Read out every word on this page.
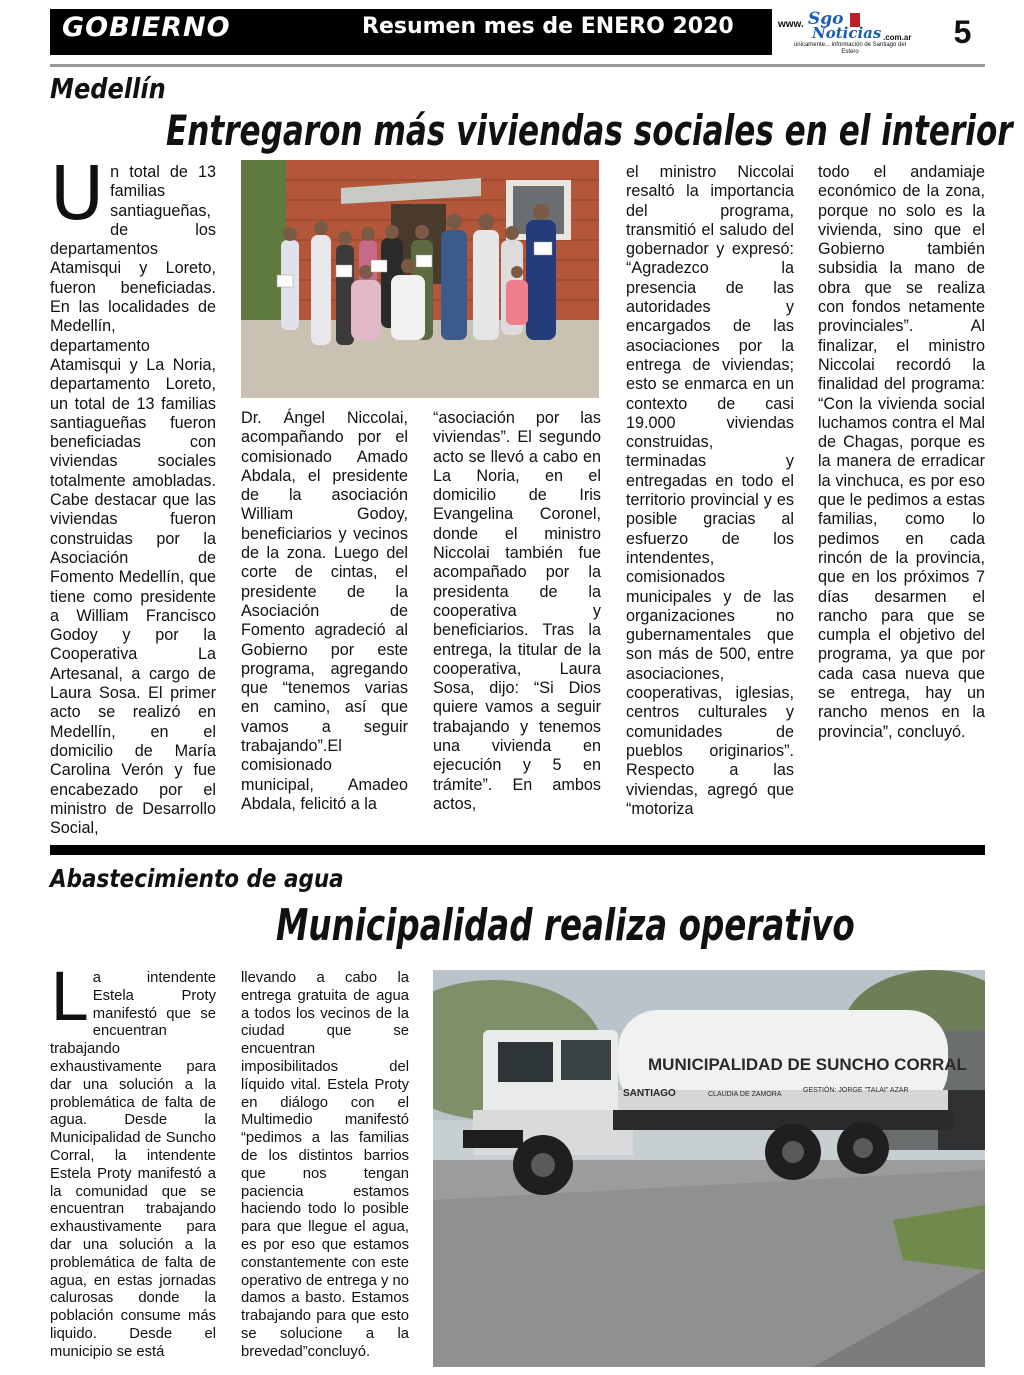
GOBIERNO	Resumen mes de ENERO 2020	www. Sgo
Noticias .com.ar
únicamente... información de Santiago del Estero
5
Medellín
Entregaron más viviendas sociales en el interior
Un total de 13 familias santiagueñas, de los departamentos Atamisqui y Loreto, fueron beneficiadas. En las localidades de Medellín, departamento Atamisqui y La Noria, departamento Loreto, un total de 13 familias santiagueñas fueron beneficiadas con viviendas sociales totalmente amobladas. Cabe destacar que las viviendas fueron construidas por la Asociación de Fomento Medellín, que tiene como presidente a William Francisco Godoy y por la Cooperativa La Artesanal, a cargo de Laura Sosa. El primer acto se realizó en Medellín, en el domicilio de María Carolina Verón y fue encabezado por el ministro de Desarrollo Social,
Dr. Ángel Niccolai, acompañando por el comisionado Amado Abdala, el presidente de la asociación William Godoy, beneficiarios y vecinos de la zona. Luego del corte de cintas, el presidente de la Asociación de Fomento agradeció al Gobierno por este programa, agregando que “tenemos varias en camino, así que vamos a seguir trabajando”.El comisionado municipal, Amadeo Abdala, felicitó a la
“asociación por las viviendas”. El segundo acto se llevó a cabo en La Noria, en el domicilio de Iris Evangelina Coronel, donde el ministro Niccolai también fue acompañado por la presidenta de la cooperativa y beneficiarios. Tras la entrega, la titular de la cooperativa, Laura Sosa, dijo: “Si Dios quiere vamos a seguir trabajando y tenemos una vivienda en ejecución y 5 en trámite”. En ambos actos,
el ministro Niccolai resaltó la importancia del programa, transmitió el saludo del gobernador y expresó: “Agradezco la presencia de las autoridades y encargados de las asociaciones por la entrega de viviendas; esto se enmarca en un contexto de casi 19.000 viviendas construidas, terminadas y entregadas en todo el territorio provincial y es posible gracias al esfuerzo de los intendentes, comisionados municipales y de las organizaciones no gubernamentales que son más de 500, entre asociaciones, cooperativas, iglesias, centros culturales y comunidades de pueblos originarios”. Respecto a las viviendas, agregó que “motoriza
todo el andamiaje económico de la zona, porque no solo es la vivienda, sino que el Gobierno también subsidia la mano de obra que se realiza con fondos netamente provinciales”. Al finalizar, el ministro Niccolai recordó la finalidad del programa: “Con la vivienda social luchamos contra el Mal de Chagas, porque es la manera de erradicar la vinchuca, es por eso que le pedimos a estas familias, como lo pedimos en cada rincón de la provincia, que en los próximos 7 días desarmen el rancho para que se cumpla el objetivo del programa, ya que por cada casa nueva que se entrega, hay un rancho menos en la provincia”, concluyó.
Abastecimiento de agua
Municipalidad realiza operativo
La intendente Estela Proty manifestó que se encuentran trabajando exhaustivamente para dar una solución a la problemática de falta de agua. Desde la Municipalidad de Suncho Corral, la intendente Estela Proty manifestó a la comunidad que se encuentran trabajando exhaustivamente para dar una solución a la problemática de falta de agua, en estas jornadas calurosas donde la población consume más liquido. Desde el municipio se está
llevando a cabo la entrega gratuita de agua a todos los vecinos de la ciudad que se encuentran imposibilitados del líquido vital. Estela Proty en diálogo con el Multimedio manifestó “pedimos a las familias de los distintos barrios que nos tengan paciencia estamos haciendo todo lo posible para que llegue el agua, es por eso que estamos constantemente con este operativo de entrega y no damos a basto. Estamos trabajando para que esto se solucione a la brevedad”concluyó.
MUNICIPALIDAD DE SUNCHO CORRAL
SANTIAGO	CLAUDIA DE ZAMORA
GESTIÓN: JORGE "TALAI" AZAR
